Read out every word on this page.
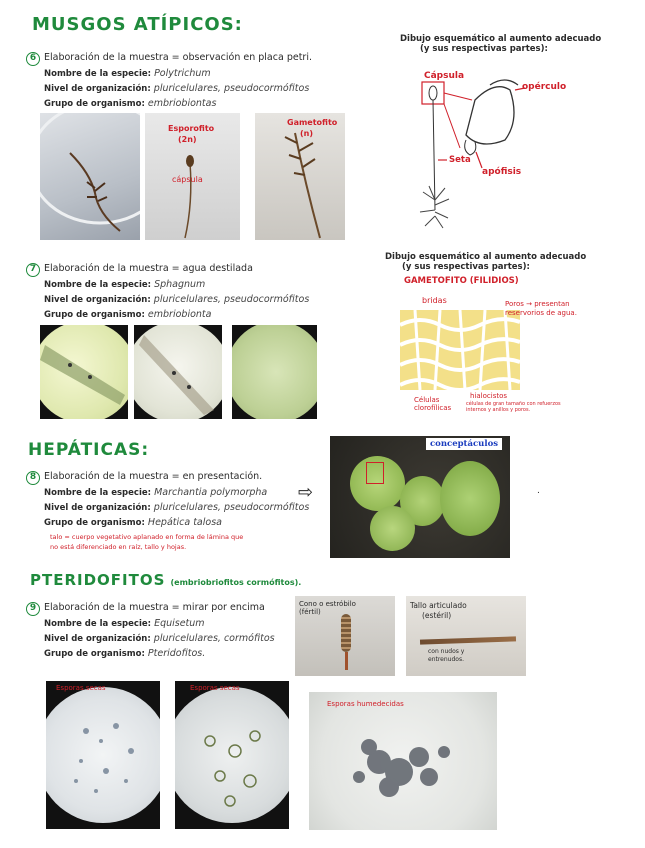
MUSGOS ATÍPICOS:
6 Elaboración de la muestra = observación en placa petri.
Nombre de la especie: Polytrichum
Nivel de organización: pluricelulares, pseudocormófitos
Grupo de organismo: embriobiontas
Esporofito
(2n)
cápsula
Gametofito
(n)
Dibujo esquemático al aumento adecuado
(y sus respectivas partes):
Cápsula
opérculo
Seta
apófisis
7 Elaboración de la muestra = agua destilada
Nombre de la especie: Sphagnum
Nivel de organización: pluricelulares, pseudocormófitos
Grupo de organismo: embriobionta
Dibujo esquemático al aumento adecuado
(y sus respectivas partes):
GAMETOFITO (FILIDIOS)
bridas	Poros → presentan reservorios de agua.
Células clorofílicas
hialocistos
células de gran tamaño con refuerzos internos y anillos y poros.
HEPÁTICAS:
8 Elaboración de la muestra = en presentación.
Nombre de la especie: Marchantia polymorpha
Nivel de organización: pluricelulares, pseudocormófitos
Grupo de organismo: Hepática talosa
talo = cuerpo vegetativo aplanado en forma de lámina que
no está diferenciado en raíz, tallo y hojas.
⇨
conceptáculos
.
PTERIDOFITOS (embriobriofitos cormófitos).
9 Elaboración de la muestra = mirar por encima
Nombre de la especie: Equisetum
Nivel de organización: pluricelulares, cormófitos
Grupo de organismo: Pteridofitos.
Cono o estróbilo (fértil)
Tallo articulado
(estéril)
con nudos y entrenudos.
Esporas secas	Esporas secas
Esporas humedecidas
